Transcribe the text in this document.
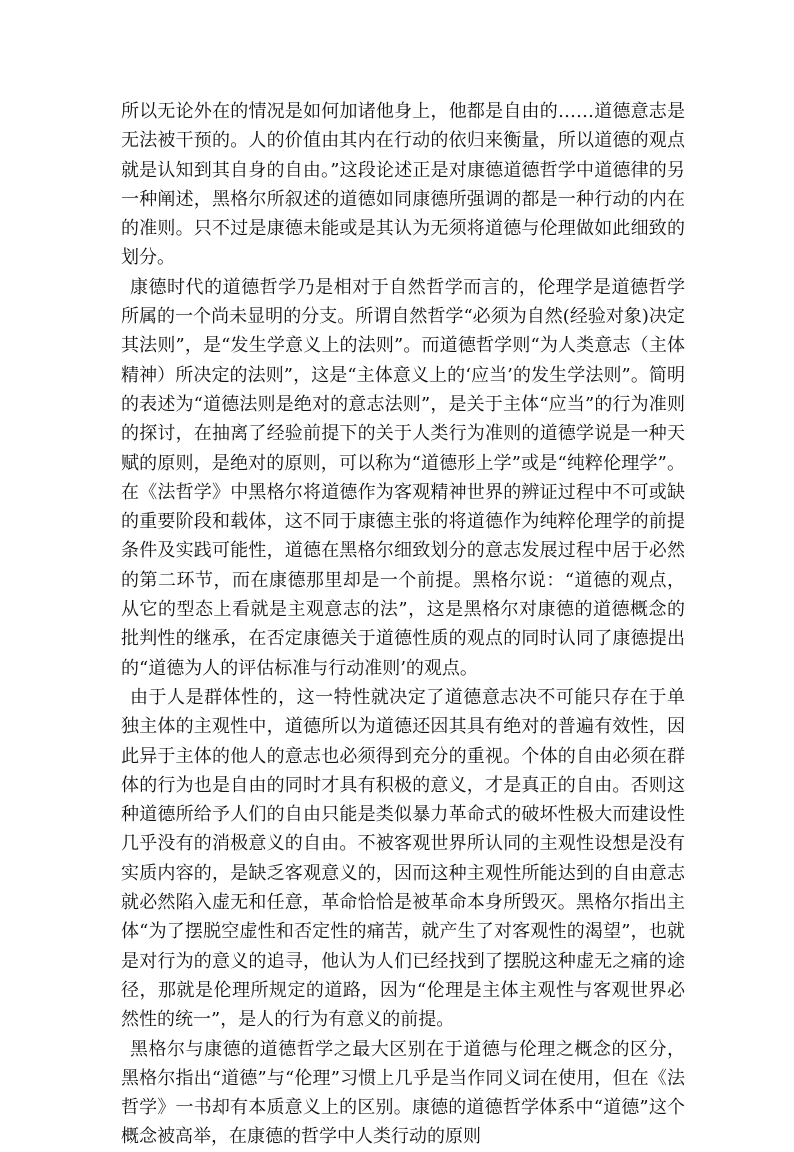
所以无论外在的情况是如何加诸他身上，他都是自由的……道德意志是无法被干预的。人的价值由其内在行动的依归来衡量，所以道德的观点就是认知到其自身的自由。”这段论述正是对康德道德哲学中道德律的另一种阐述，黑格尔所叙述的道德如同康德所强调的都是一种行动的内在的准则。只不过是康德未能或是其认为无须将道德与伦理做如此细致的划分。

康德时代的道德哲学乃是相对于自然哲学而言的，伦理学是道德哲学所属的一个尚未显明的分支。所谓自然哲学“必须为自然(经验对象)决定其法则”，是“发生学意义上的法则”。而道德哲学则“为人类意志（主体精神）所决定的法则”，这是“主体意义上的‘应当’的发生学法则”。简明的表述为“道德法则是绝对的意志法则”，是关于主体“应当”的行为准则的探讨，在抽离了经验前提下的关于人类行为准则的道德学说是一种天赋的原则，是绝对的原则，可以称为“道德形上学”或是“纯粹伦理学”。在《法哲学》中黑格尔将道德作为客观精神世界的辨证过程中不可或缺的重要阶段和载体，这不同于康德主张的将道德作为纯粹伦理学的前提条件及实践可能性，道德在黑格尔细致划分的意志发展过程中居于必然的第二环节，而在康德那里却是一个前提。黑格尔说：“道德的观点，从它的型态上看就是主观意志的法”，这是黑格尔对康德的道德概念的批判性的继承，在否定康德关于道德性质的观点的同时认同了康德提出的“道德为人的评估标准与行动准则’的观点。

由于人是群体性的，这一特性就决定了道德意志决不可能只存在于单独主体的主观性中，道德所以为道德还因其具有绝对的普遍有效性，因此异于主体的他人的意志也必须得到充分的重视。个体的自由必须在群体的行为也是自由的同时才具有积极的意义，才是真正的自由。否则这种道德所给予人们的自由只能是类似暴力革命式的破坏性极大而建设性几乎没有的消极意义的自由。不被客观世界所认同的主观性设想是没有实质内容的，是缺乏客观意义的，因而这种主观性所能达到的自由意志就必然陷入虚无和任意，革命恰恰是被革命本身所毁灭。黑格尔指出主体“为了摆脱空虚性和否定性的痛苦，就产生了对客观性的渴望”，也就是对行为的意义的追寻，他认为人们已经找到了摆脱这种虚无之痛的途径，那就是伦理所规定的道路，因为“伦理是主体主观性与客观世界必然性的统一”，是人的行为有意义的前提。

黑格尔与康德的道德哲学之最大区别在于道德与伦理之概念的区分，黑格尔指出“道德”与“伦理”习惯上几乎是当作同义词在使用，但在《法哲学》一书却有本质意义上的区别。康德的道德哲学体系中“道德”这个概念被高举，在康德的哲学中人类行动的原则
